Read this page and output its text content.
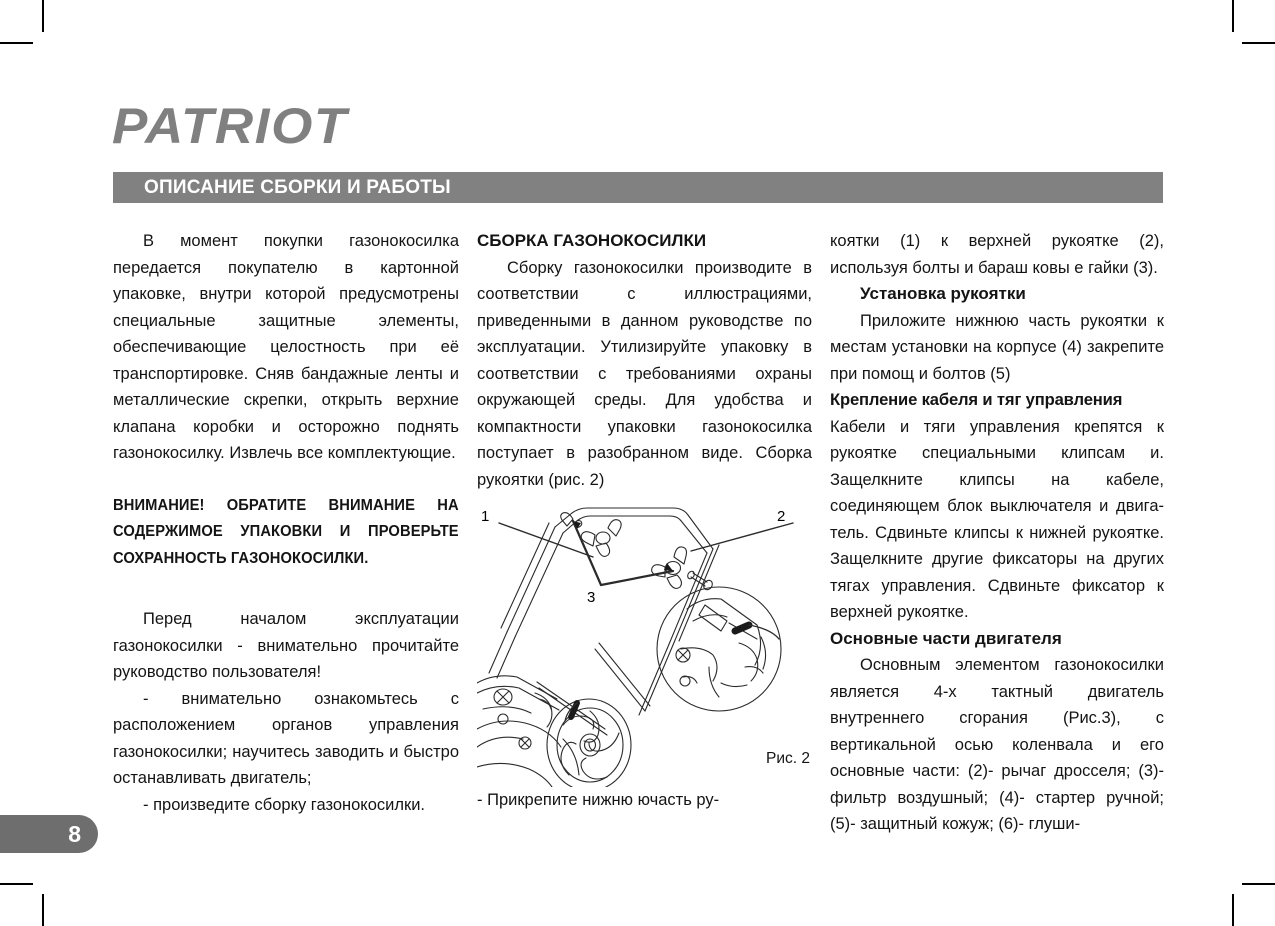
PATRIOT
ОПИСАНИЕ СБОРКИ И РАБОТЫ

В момент покупки газонокосилка передается покупателю в картонной упаковке, внутри которой предусмотрены специальные защитные элементы, обеспечивающие целостность при её транспортировке. Сняв бандажные ленты и металлические скрепки, открыть верхние клапана коробки и осторожно поднять газонокосилку. Извлечь все комплектующие.

ВНИМАНИЕ! ОБРАТИТЕ ВНИМАНИЕ НА СОДЕРЖИМОЕ УПАКОВКИ И ПРОВЕРЬТЕ СОХРАННОСТЬ ГАЗОНОКОСИЛКИ.

Перед началом эксплуатации газонокосилки - внимательно прочитайте руководство пользователя!

- внимательно ознакомьтесь с расположением органов управления газонокосилки; научитесь заводить и быстро останавливать двигатель;

- произведите сборку газонокосилки.

СБОРКА ГАЗОНОКОСИЛКИ

Сборку газонокосилки производите в соответствии с иллюстрациями, приведенными в данном руководстве по эксплуатации. Утилизируйте упаковку в соответствии с требованиями охраны окружающей среды. Для удобства и компактности упаковки газонокосилка поступает в разобранном виде. Сборка рукоятки (рис. 2)

1	2
3
Рис. 2

- Прикрепите нижню ючасть ру-

коятки (1) к верхней рукоятке (2), используя болты и бараш ковы е гайки (3).

Установка рукоятки

Приложите нижнюю часть рукоятки к местам установки на корпусе (4) закрепите при помощ и болтов (5)

Крепление кабеля и тяг управления

Кабели и тяги управления крепятся к рукоятке специальными клипсам и. Защелкните клипсы на кабеле, соединяющем блок выключателя и двига-тель. Сдвиньте клипсы к нижней рукоятке. Защелкните другие фиксаторы на других тягах управления. Сдвиньте фиксатор к верхней рукоятке.

Основные части двигателя

Основным элементом газонокосилки является 4-х тактный двигатель внутреннего сгорания (Рис.3), с вертикальной осью коленвала и его основные части: (2)- рычаг дросселя; (3)- фильтр воздушный; (4)- стартер ручной; (5)- защитный кожуж; (6)- глуши-

8
